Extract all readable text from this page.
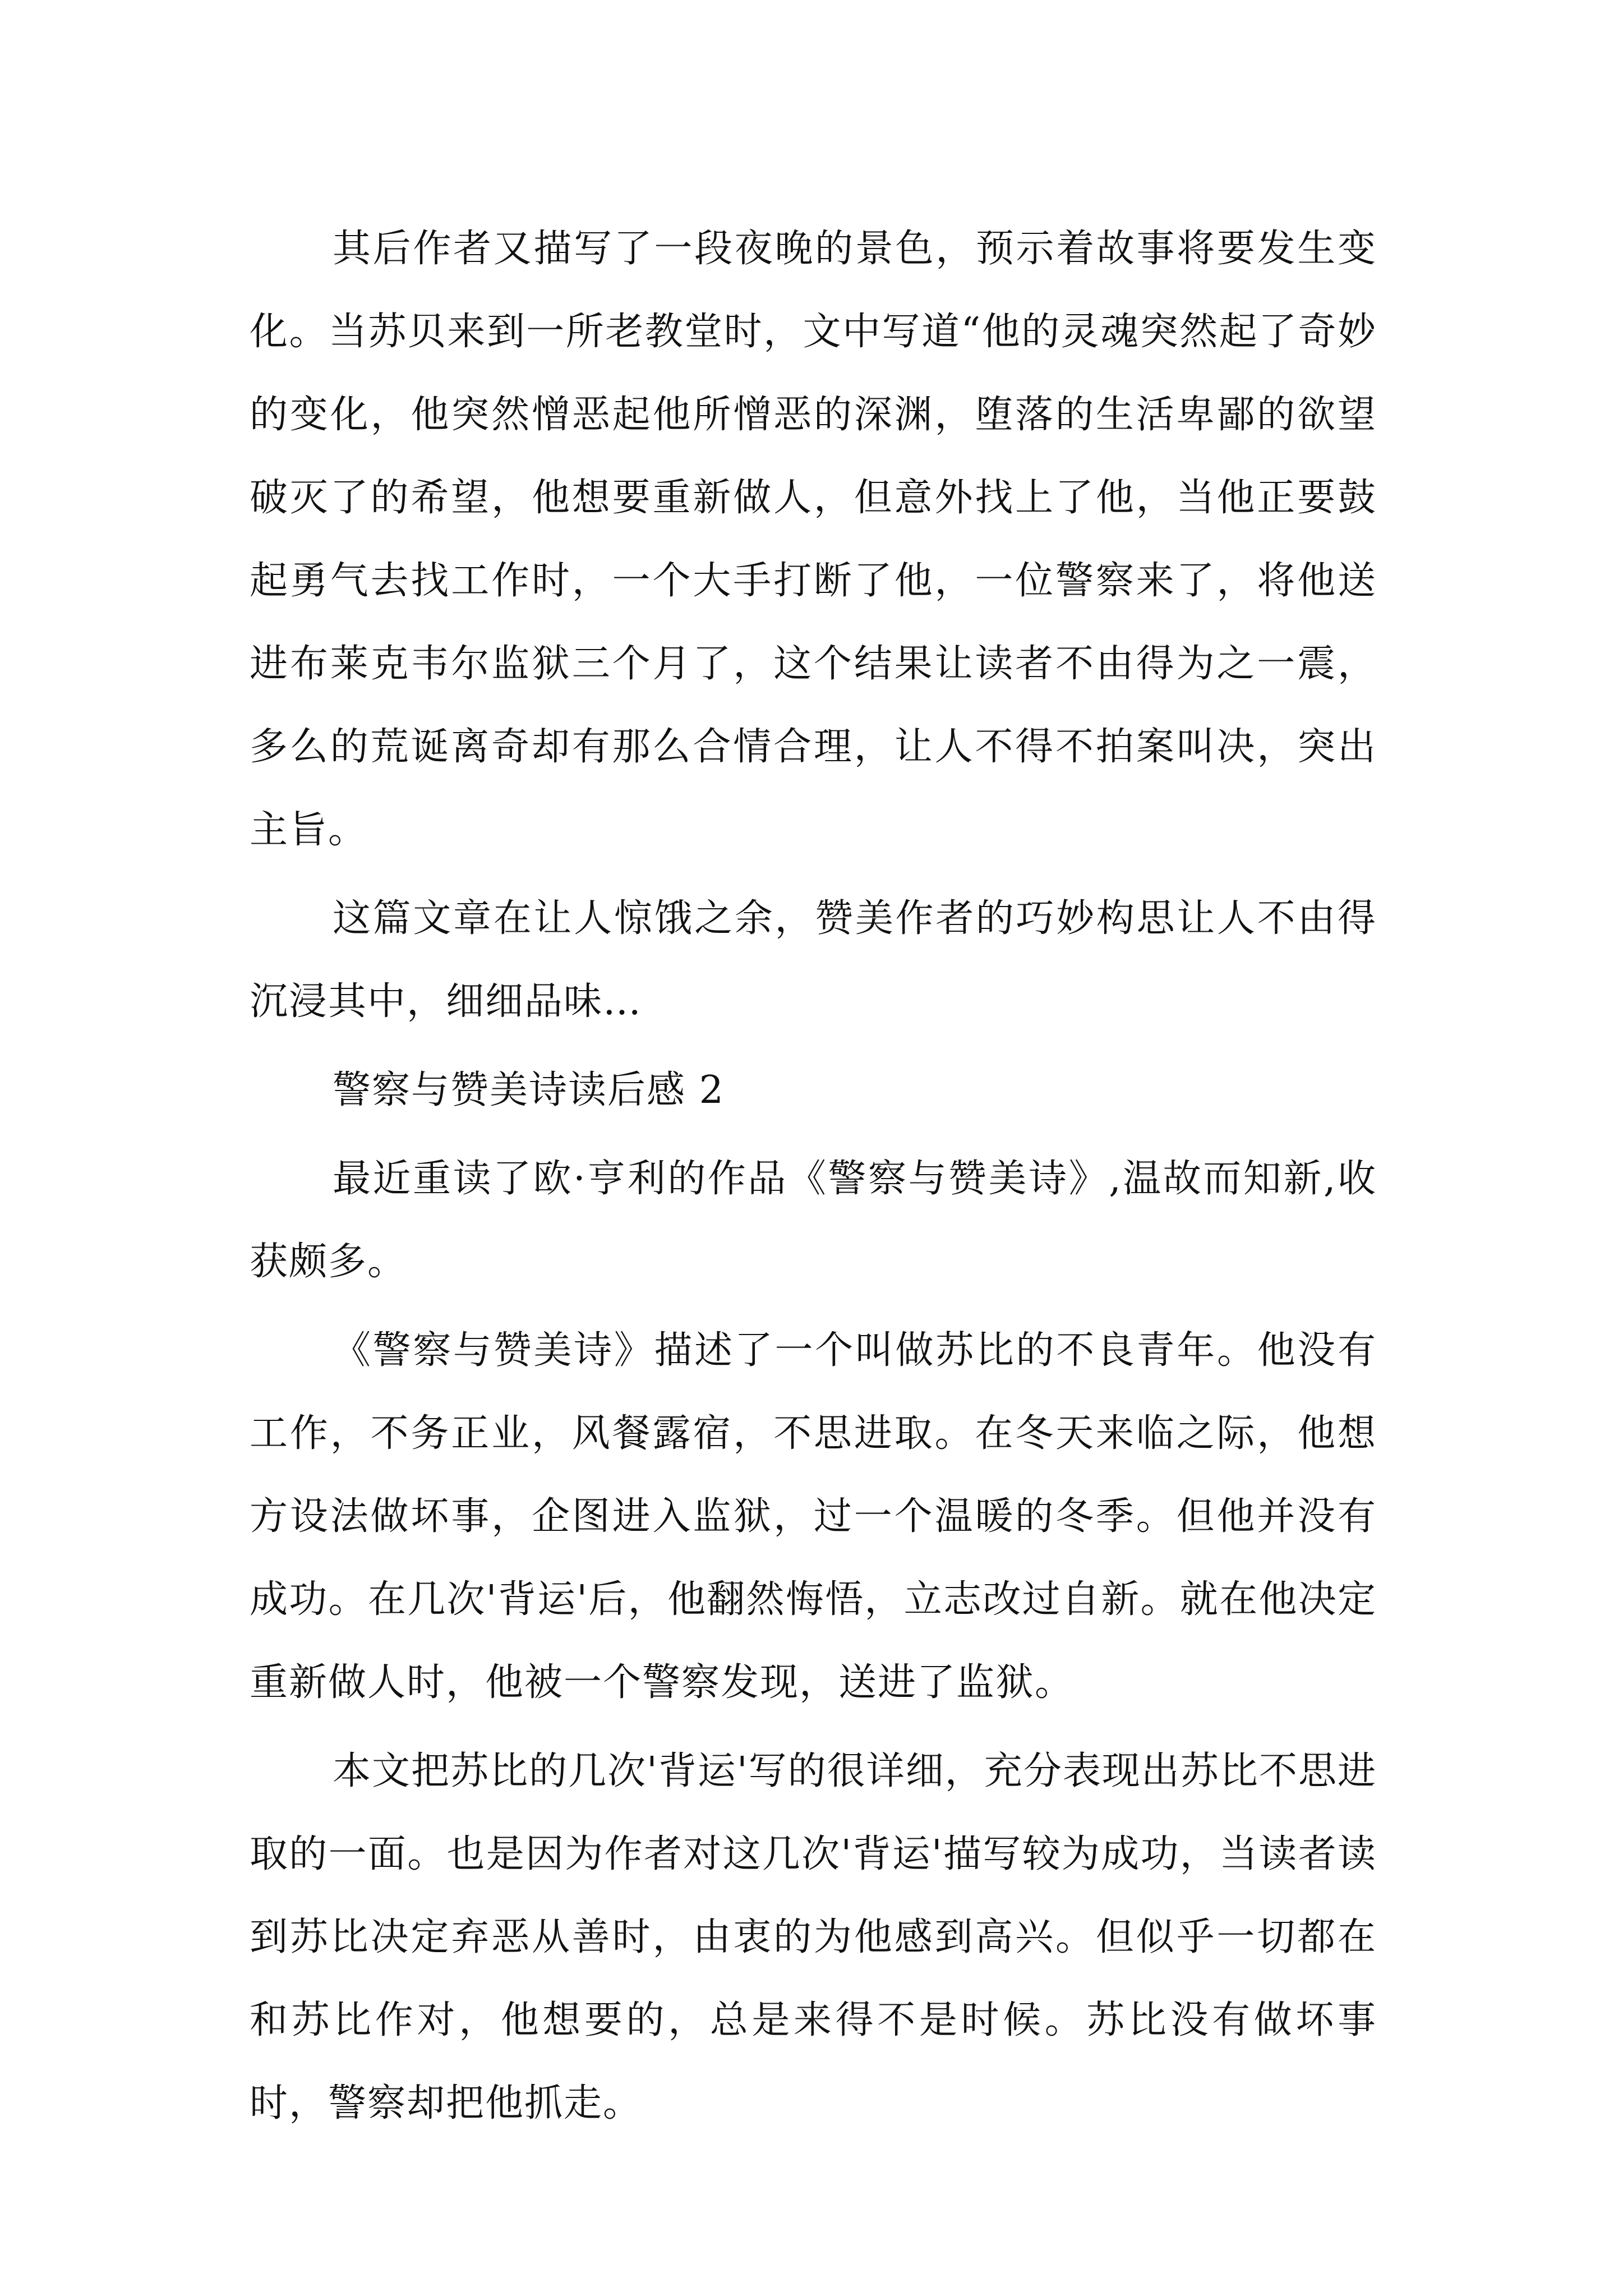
其后作者又描写了一段夜晚的景色，预示着故事将要发生变化。当苏贝来到一所老教堂时，文中写道“他的灵魂突然起了奇妙的变化，他突然憎恶起他所憎恶的深渊，堕落的生活卑鄙的欲望破灭了的希望，他想要重新做人，但意外找上了他，当他正要鼓起勇气去找工作时，一个大手打断了他，一位警察来了，将他送进布莱克韦尔监狱三个月了，这个结果让读者不由得为之一震，多么的荒诞离奇却有那么合情合理，让人不得不拍案叫决，突出主旨。

这篇文章在让人惊饿之余，赞美作者的巧妙构思让人不由得沉浸其中，细细品味…

警察与赞美诗读后感 2

最近重读了欧·亨利的作品《警察与赞美诗》,温故而知新,收获颇多。

《警察与赞美诗》描述了一个叫做苏比的不良青年。他没有工作，不务正业，风餐露宿，不思进取。在冬天来临之际，他想方设法做坏事，企图进入监狱，过一个温暖的冬季。但他并没有成功。在几次'背运'后，他翻然悔悟，立志改过自新。就在他决定重新做人时，他被一个警察发现，送进了监狱。

本文把苏比的几次'背运'写的很详细，充分表现出苏比不思进取的一面。也是因为作者对这几次'背运'描写较为成功，当读者读到苏比决定弃恶从善时，由衷的为他感到高兴。但似乎一切都在和苏比作对，他想要的，总是来得不是时候。苏比没有做坏事时，警察却把他抓走。
